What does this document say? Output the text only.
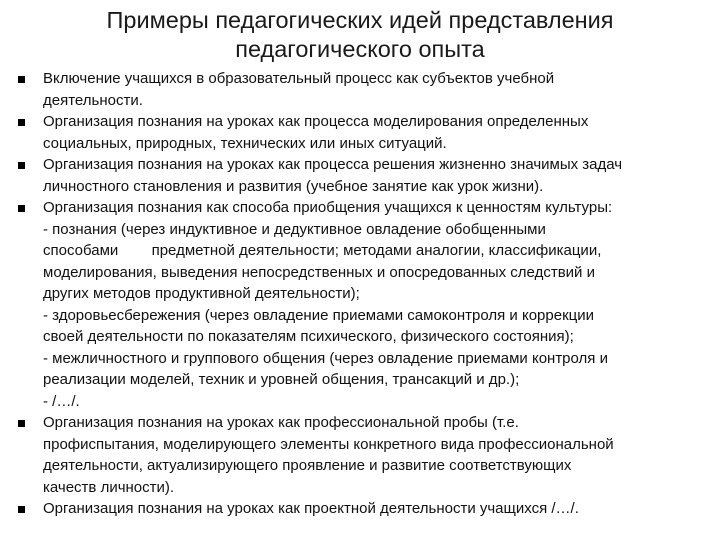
Примеры педагогических идей представления
педагогического опыта
Включение учащихся в образовательный процесс как субъектов учебной
деятельности.
Организация познания на уроках как процесса моделирования определенных
социальных, природных, технических или иных ситуаций.
Организация познания на уроках как процесса решения жизненно значимых задач
личностного становления и развития (учебное занятие как урок жизни).
Организация познания как способа приобщения учащихся к ценностям культуры:
- познания (через индуктивное и дедуктивное овладение обобщенными
способами        предметной деятельности; методами аналогии, классификации,
моделирования, выведения непосредственных и опосредованных следствий и
других методов продуктивной деятельности);
- здоровьесбережения (через овладение приемами самоконтроля и коррекции
своей деятельности по показателям психического, физического состояния);
- межличностного и группового общения (через овладение приемами контроля и
реализации моделей, техник и уровней общения, трансакций и др.);
- /…/.
Организация познания на уроках как профессиональной пробы (т.е.
профиспытания, моделирующего элементы конкретного вида профессиональной
деятельности, актуализирующего проявление и развитие соответствующих
качеств личности).
Организация познания на уроках как проектной деятельности учащихся /…/.
